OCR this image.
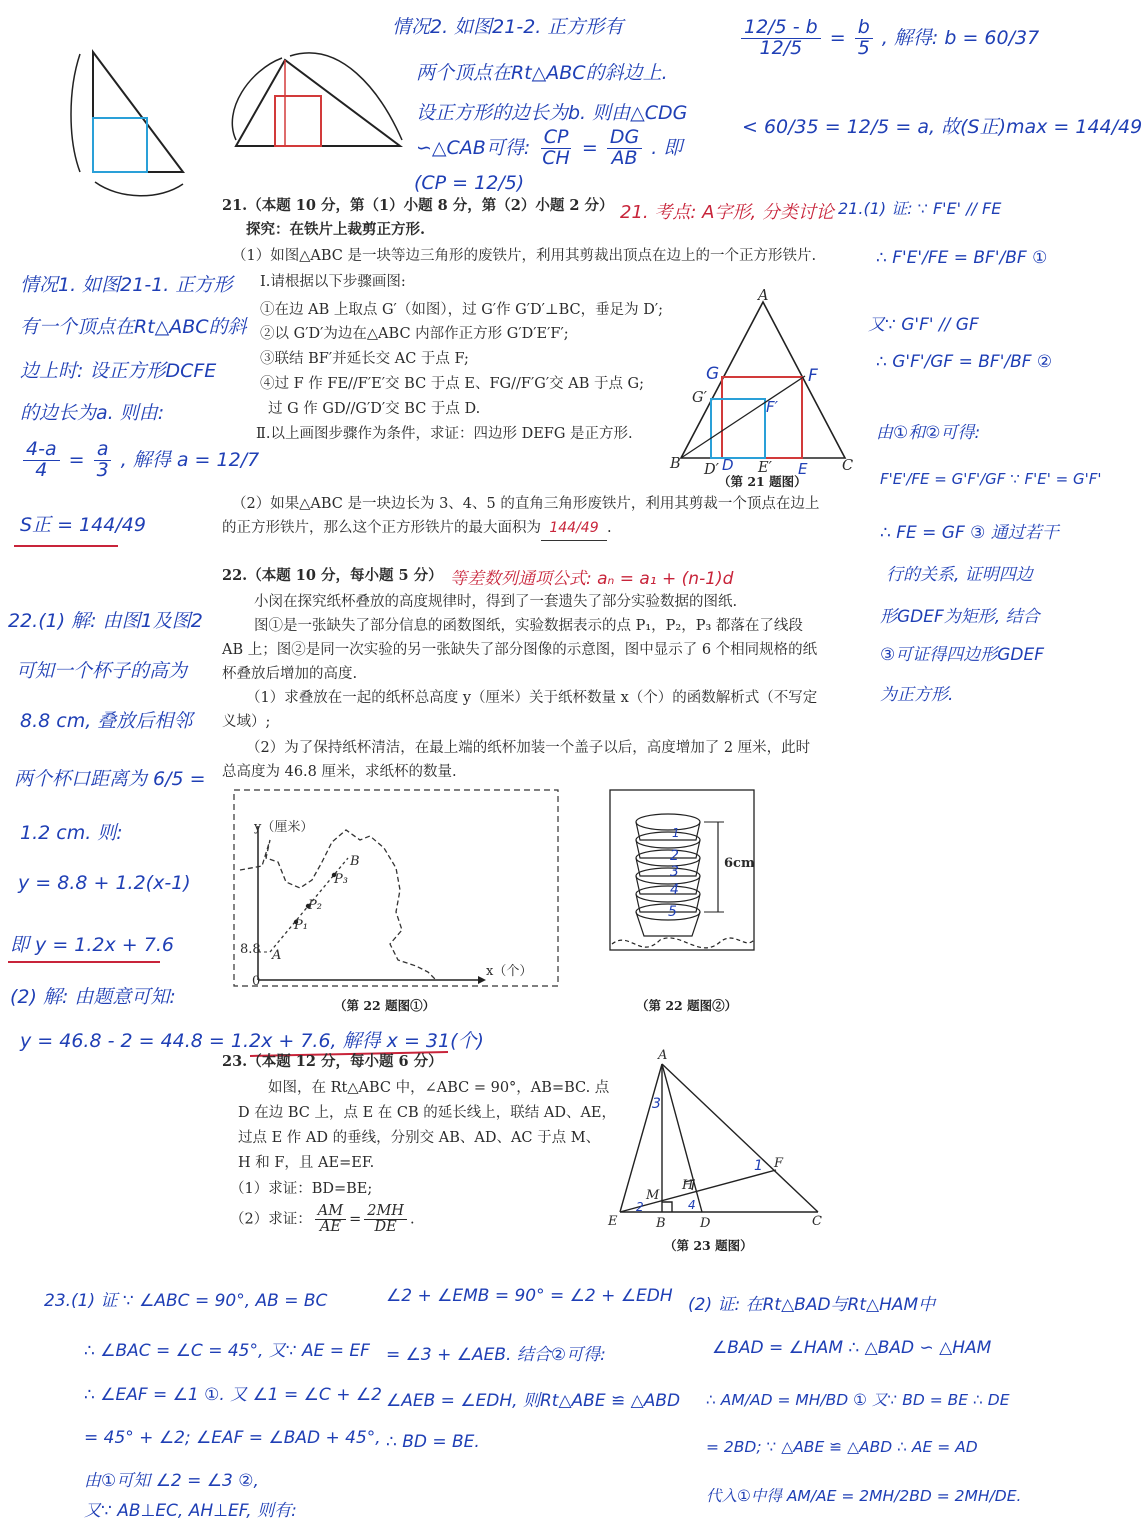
情况2. 如图21-2. 正方形有
两个顶点在Rt△ABC的斜边上.
设正方形的边长为b. 则由△CDG
∽△CAB可得: $\frac{CP}{CH} = \frac{DG}{AB}$ . 即
(CP = 12/5)
$\frac{12/5 - b}{12/5} = \frac{b}{5}$ , 解得: b = 60/37
< 60/35 = 12/5 = a, 故(S正)max = 144/49
21.（本题 10 分，第（1）小题 8 分，第（2）小题 2 分） 21. 考点: A字形, 分类讨论
探究：在铁片上裁剪正方形.
（1）如图△ABC 是一块等边三角形的废铁片，利用其剪裁出顶点在边上的一个正方形铁片.
Ⅰ.请根据以下步骤画图:
①在边 AB 上取点 G′（如图），过 G′作 G′D′⊥BC，垂足为 D′;
②以 G′D′为边在△ABC 内部作正方形 G′D′E′F′;
③联结 BF′并延长交 AC 于点 F;
④过 F 作 FE//F′E′交 BC 于点 E、FG//F′G′交 AB 于点 G;
过 G 作 GD//G′D′交 BC 于点 D.
Ⅱ.以上画图步骤作为条件，求证：四边形 DEFG 是正方形.
（2）如果△ABC 是一块边长为 3、4、5 的直角三角形废铁片，利用其剪裁一个顶点在边上
的正方形铁片，那么这个正方形铁片的最大面积为 144/49 .
A
G	F
G′	F′
B D′ D E′ E C
（第 21 题图）
情况1. 如图21-1. 正方形
有一个顶点在Rt△ABC的斜
边上时: 设正方形DCFE
的边长为a. 则由:
$\frac{4-a}{4} = \frac{a}{3}$ , 解得 a = 12/7
S正 = 144/49
21.(1) 证: ∵ F'E' // FE
∴ F'E'/FE = BF'/BF ①
又∵ G'F' // GF
∴ G'F'/GF = BF'/BF ②
由①和②可得:
F'E'/FE = G'F'/GF ∵ F'E' = G'F'
∴ FE = GF ③ 通过若干
行的关系, 证明四边
形GDEF为矩形, 结合
③可证得四边形GDEF
为正方形.
22.（本题 10 分，每小题 5 分） 等差数列通项公式: aₙ = a₁ + (n-1)d
小闵在探究纸杯叠放的高度规律时，得到了一套遗失了部分实验数据的图纸.
图①是一张缺失了部分信息的函数图纸，实验数据表示的点 P₁，P₂，P₃ 都落在了线段
AB 上；图②是同一次实验的另一张缺失了部分图像的示意图，图中显示了 6 个相同规格的纸
杯叠放后增加的高度.
（1）求叠放在一起的纸杯总高度 y（厘米）关于纸杯数量 x（个）的函数解析式（不写定
义域）;
（2）为了保持纸杯清洁，在最上端的纸杯加装一个盖子以后，高度增加了 2 厘米，此时
总高度为 46.8 厘米，求纸杯的数量.
y（厘米）
B
P₃
P₂
P₁
8.8 A
0
x（个）
（第 22 题图①）
1
2
3
4
5
6cm
（第 22 题图②）
22.(1) 解: 由图1及图2
可知一个杯子的高为
8.8 cm, 叠放后相邻
两个杯口距离为 6/5 =
1.2 cm. 则:
y = 8.8 + 1.2(x-1)
即 y = 1.2x + 7.6
(2) 解: 由题意可知:
y = 46.8 - 2 = 44.8 = 1.2x + 7.6, 解得 x = 31(个)
23.（本题 12 分，每小题 6 分）
如图，在 Rt△ABC 中，∠ABC = 90°，AB=BC. 点
D 在边 BC 上，点 E 在 CB 的延长线上，联结 AD、AE，
过点 E 作 AD 的垂线，分别交 AB、AD、AC 于点 M、
H 和 F，且 AE=EF.
（1）求证：BD=BE;
（2）求证： $\frac{AM}{AE} = \frac{2MH}{DE}$ .
A
3
F
1
H
M
2	4
E	B	D	C
（第 23 题图）
23.(1) 证 ∵ ∠ABC = 90°, AB = BC
∴ ∠BAC = ∠C = 45°, 又∵ AE = EF
∴ ∠EAF = ∠1 ①. 又 ∠1 = ∠C + ∠2
= 45° + ∠2; ∠EAF = ∠BAD + 45°,
由①可知 ∠2 = ∠3 ②,
又∵ AB⊥EC, AH⊥EF, 则有:
∠2 + ∠EMB = 90° = ∠2 + ∠EDH
= ∠3 + ∠AEB. 结合②可得:
∠AEB = ∠EDH, 则Rt△ABE ≌ △ABD
∴ BD = BE.
(2) 证: 在Rt△BAD与Rt△HAM中
∠BAD = ∠HAM ∴ △BAD ∽ △HAM
∴ AM/AD = MH/BD ① 又∵ BD = BE ∴ DE
= 2BD; ∵ △ABE ≌ △ABD ∴ AE = AD
代入①中得 AM/AE = 2MH/2BD = 2MH/DE.
